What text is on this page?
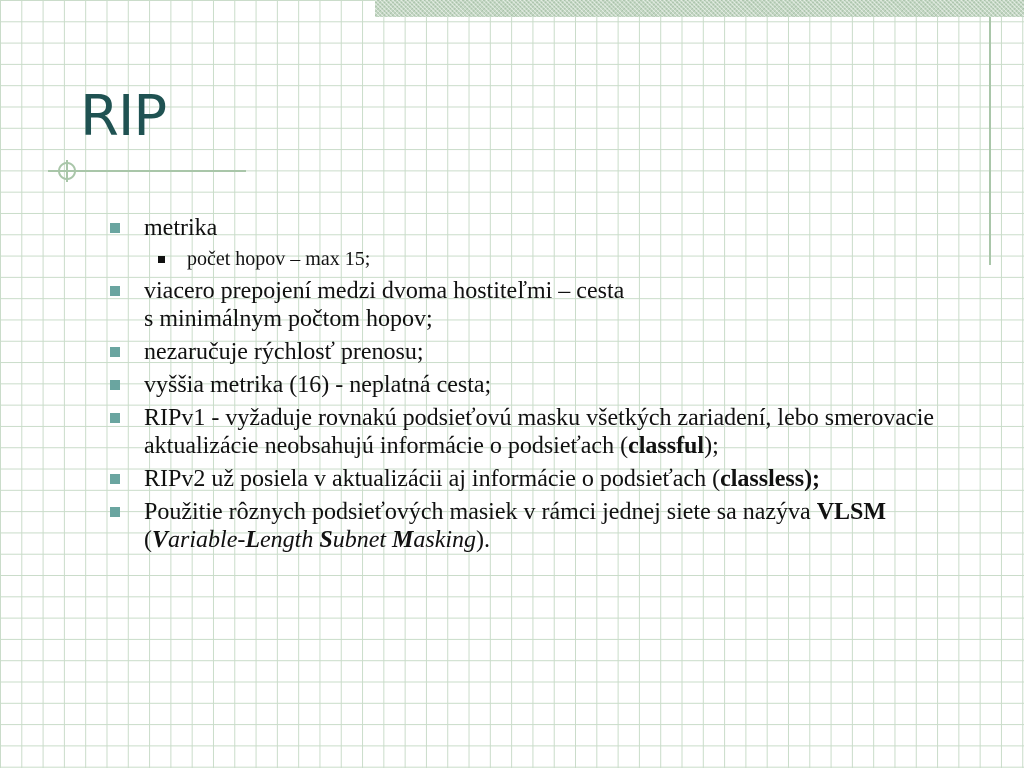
RIP
metrika
počet hopov – max 15;
viacero prepojení medzi dvoma hostiteľmi – cesta
s minimálnym počtom hopov;
nezaručuje rýchlosť prenosu;
vyššia metrika (16) - neplatná cesta;
RIPv1 - vyžaduje rovnakú podsieťovú masku všetkých zariadení, lebo smerovacie aktualizácie neobsahujú informácie o podsieťach (classful);
RIPv2 už posiela v aktualizácii aj informácie o podsieťach (classless);
Použitie rôznych podsieťových masiek v rámci jednej siete sa nazýva VLSM (Variable-Length Subnet Masking).
